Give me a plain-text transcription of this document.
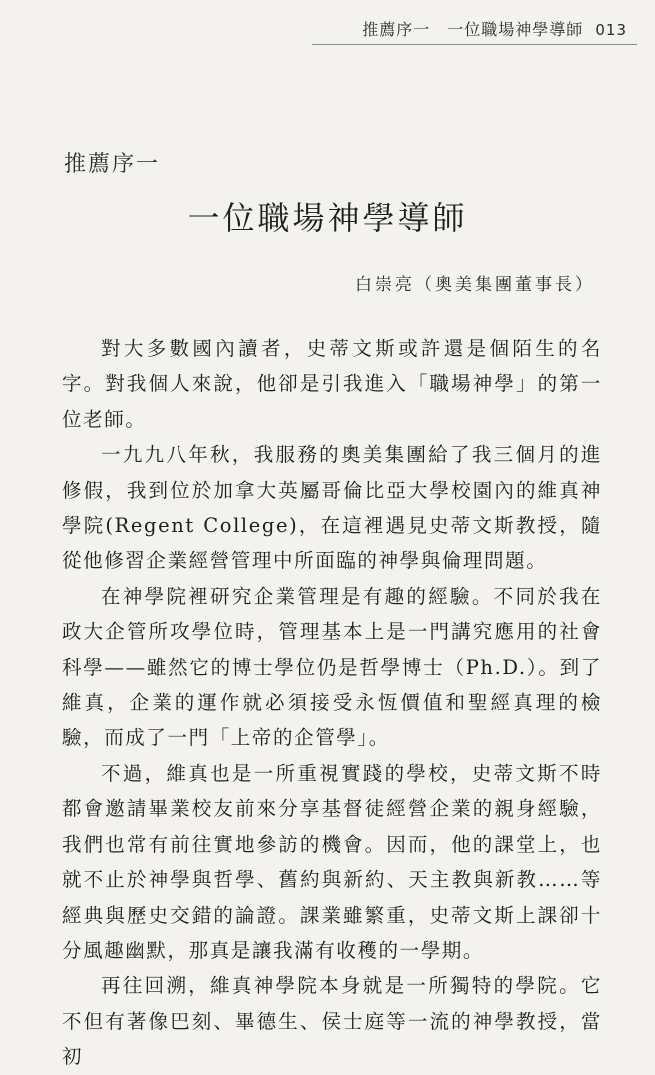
推薦序一　一位職場神學導師 013
推薦序一
一位職場神學導師
白崇亮（奧美集團董事長）

對大多數國內讀者，史蒂文斯或許還是個陌生的名字。對我個人來說，他卻是引我進入「職場神學」的第一位老師。

一九九八年秋，我服務的奧美集團給了我三個月的進修假，我到位於加拿大英屬哥倫比亞大學校園內的維真神學院(Regent College)，在這裡遇見史蒂文斯教授，隨從他修習企業經營管理中所面臨的神學與倫理問題。

在神學院裡研究企業管理是有趣的經驗。不同於我在政大企管所攻學位時，管理基本上是一門講究應用的社會科學——雖然它的博士學位仍是哲學博士（Ph.D.）。到了維真，企業的運作就必須接受永恆價值和聖經真理的檢驗，而成了一門「上帝的企管學」。

不過，維真也是一所重視實踐的學校，史蒂文斯不時都會邀請畢業校友前來分享基督徒經營企業的親身經驗，我們也常有前往實地參訪的機會。因而，他的課堂上，也就不止於神學與哲學、舊約與新約、天主教與新教……等經典與歷史交錯的論證。課業雖繁重，史蒂文斯上課卻十分風趣幽默，那真是讓我滿有收穫的一學期。

再往回溯，維真神學院本身就是一所獨特的學院。它不但有著像巴刻、畢德生、侯士庭等一流的神學教授，當初
